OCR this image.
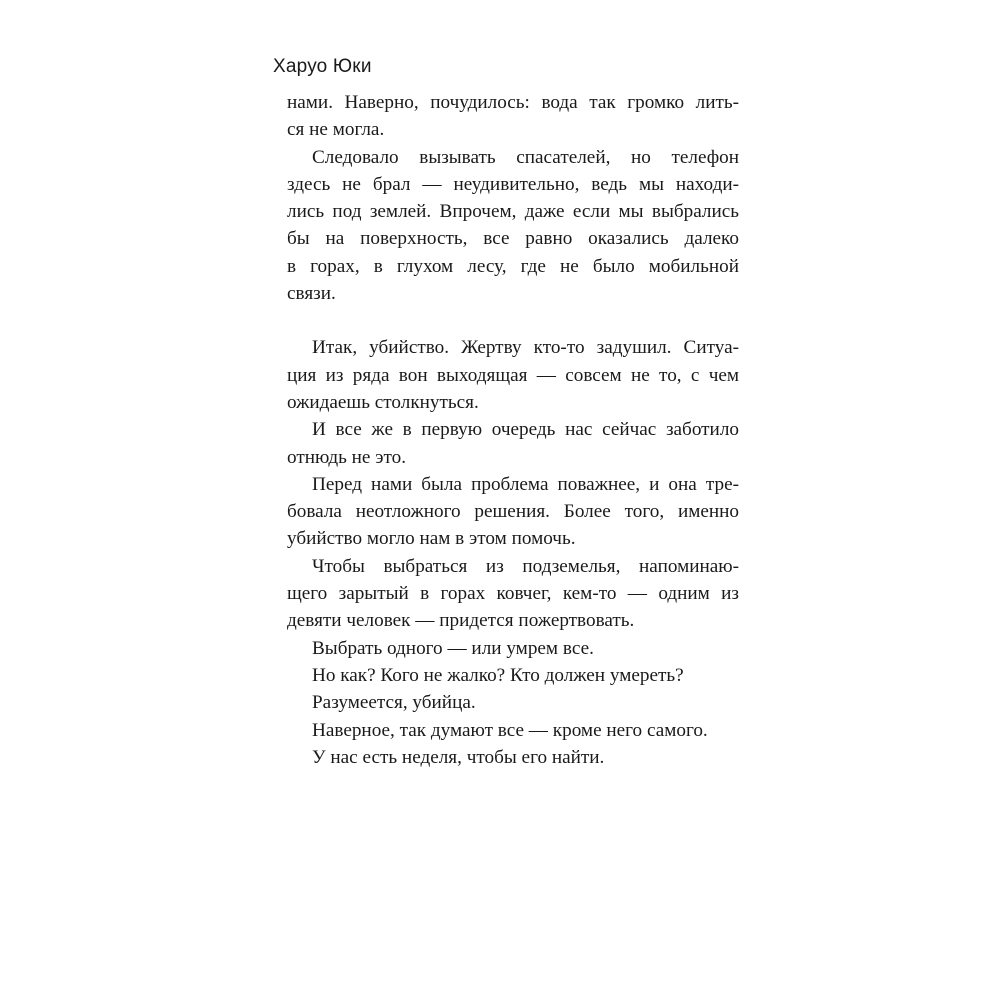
Харуо Юки
нами. Наверно, почудилось: вода так громко лить-
ся не могла.
Следовало вызывать спасателей, но телефон
здесь не брал — неудивительно, ведь мы находи-
лись под землей. Впрочем, даже если мы выбрались
бы на поверхность, все равно оказались далеко
в горах, в глухом лесу, где не было мобильной
связи.
Итак, убийство. Жертву кто-то задушил. Ситуа-
ция из ряда вон выходящая — совсем не то, с чем
ожидаешь столкнуться.
И все же в первую очередь нас сейчас заботило
отнюдь не это.
Перед нами была проблема поважнее, и она тре-
бовала неотложного решения. Более того, именно
убийство могло нам в этом помочь.
Чтобы выбраться из подземелья, напоминаю-
щего зарытый в горах ковчег, кем-то — одним из
девяти человек — придется пожертвовать.
Выбрать одного — или умрем все.
Но как? Кого не жалко? Кто должен умереть?
Разумеется, убийца.
Наверное, так думают все — кроме него самого.
У нас есть неделя, чтобы его найти.
